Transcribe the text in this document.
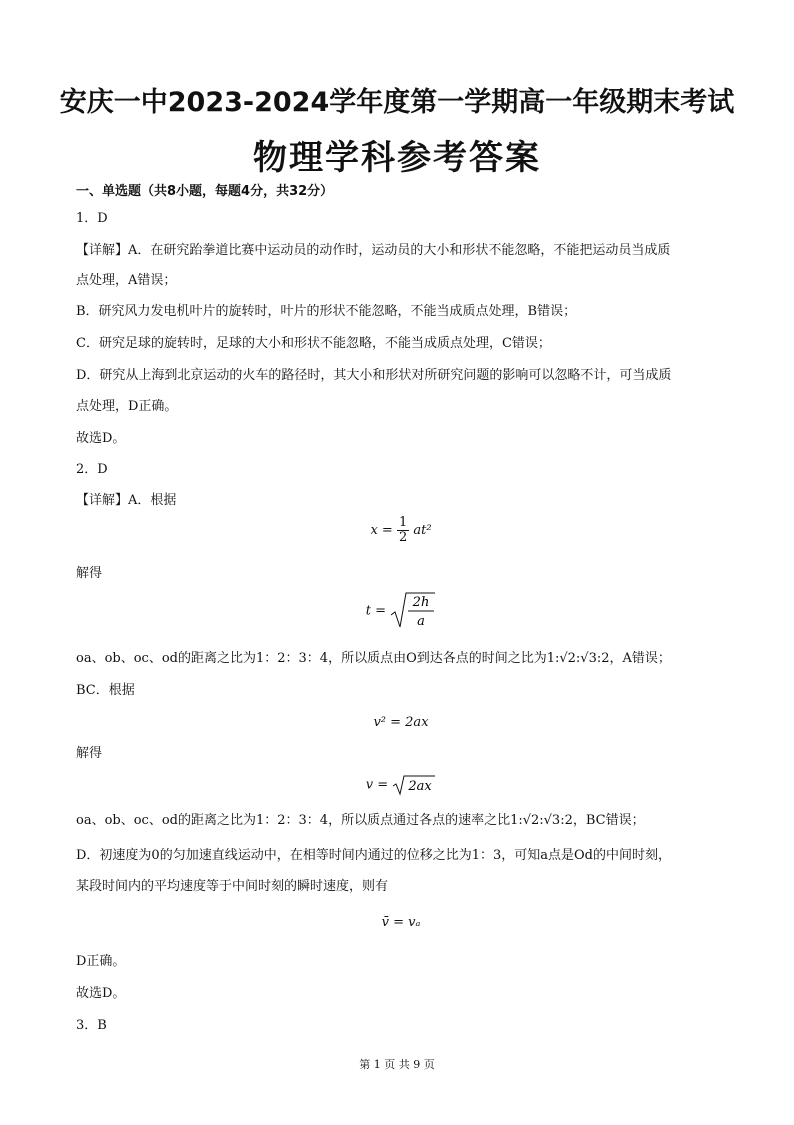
安庆一中2023-2024学年度第一学期高一年级期末考试
物理学科参考答案
一、单选题（共8小题，每题4分，共32分）
1．D
【详解】A．在研究跆拳道比赛中运动员的动作时，运动员的大小和形状不能忽略，不能把运动员当成质
点处理，A错误；
B．研究风力发电机叶片的旋转时，叶片的形状不能忽略，不能当成质点处理，B错误；
C．研究足球的旋转时，足球的大小和形状不能忽略，不能当成质点处理，C错误；
D．研究从上海到北京运动的火车的路径时，其大小和形状对所研究问题的影响可以忽略不计，可当成质
点处理，D正确。
故选D。
2．D
【详解】A．根据
$x = \frac{1}{2} at^2$
解得
t =
2h
a
oa、ob、oc、od的距离之比为1：2：3：4，所以质点由O到达各点的时间之比为1:√2:√3:2，A错误；
BC．根据
v² = 2ax
解得
v = 2ax
oa、ob、oc、od的距离之比为1：2：3：4，所以质点通过各点的速率之比1:√2:√3:2，BC错误；
D．初速度为0的匀加速直线运动中，在相等时间内通过的位移之比为1：3，可知a点是Od的中间时刻，
某段时间内的平均速度等于中间时刻的瞬时速度，则有
v̄ = vₐ
D正确。
故选D。
3．B
第 1 页 共 9 页
